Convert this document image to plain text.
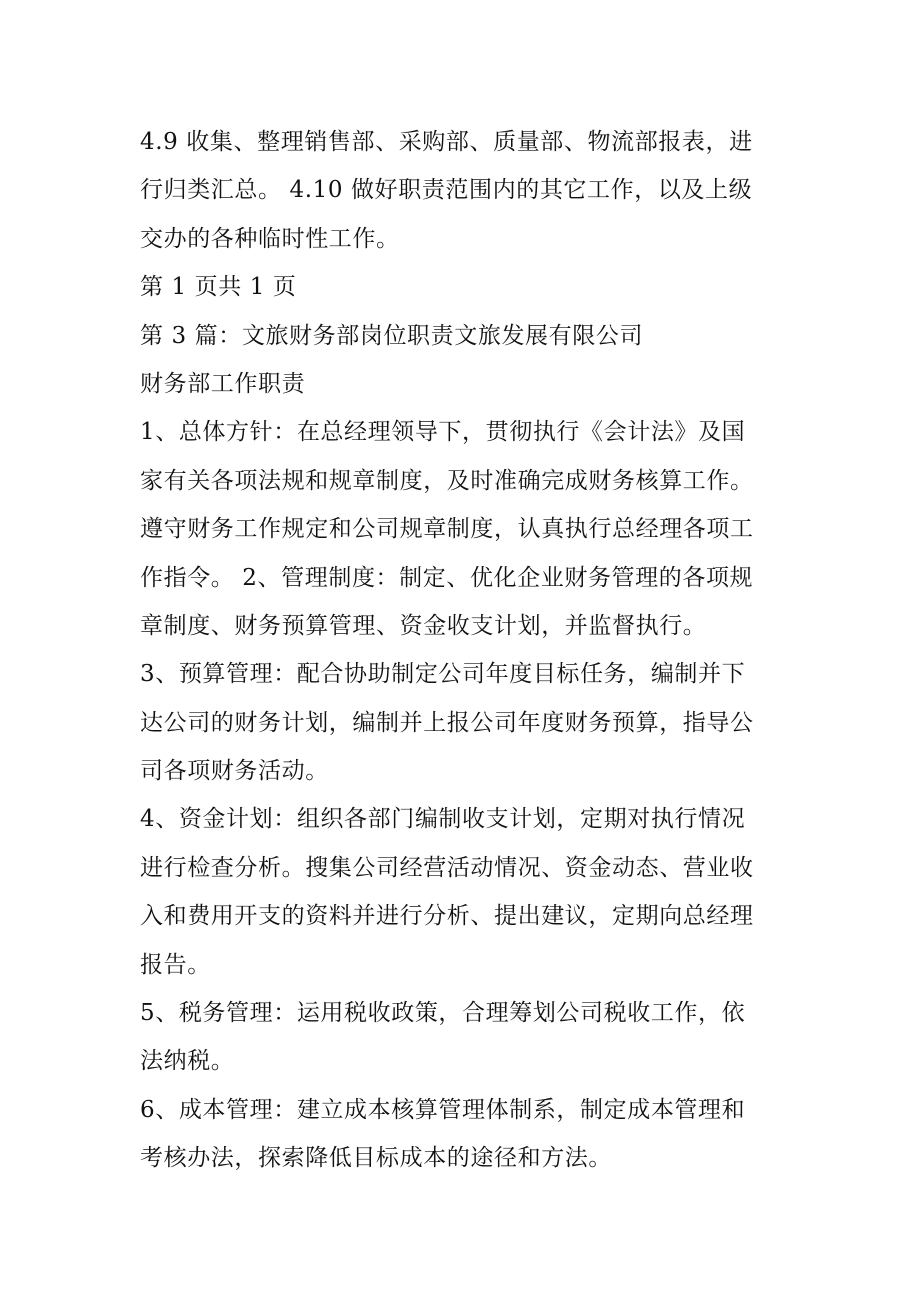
4.9 收集、整理销售部、采购部、质量部、物流部报表，进
行归类汇总。 4.10 做好职责范围内的其它工作，以及上级
交办的各种临时性工作。
第 1 页共 1 页
第 3 篇：文旅财务部岗位职责文旅发展有限公司
财务部工作职责
1、总体方针：在总经理领导下，贯彻执行《会计法》及国
家有关各项法规和规章制度，及时准确完成财务核算工作。
遵守财务工作规定和公司规章制度，认真执行总经理各项工
作指令。 2、管理制度：制定、优化企业财务管理的各项规
章制度、财务预算管理、资金收支计划，并监督执行。
3、预算管理：配合协助制定公司年度目标任务，编制并下
达公司的财务计划，编制并上报公司年度财务预算，指导公
司各项财务活动。
4、资金计划：组织各部门编制收支计划，定期对执行情况
进行检查分析。搜集公司经营活动情况、资金动态、营业收
入和费用开支的资料并进行分析、提出建议，定期向总经理
报告。
5、税务管理：运用税收政策，合理筹划公司税收工作，依
法纳税。
6、成本管理：建立成本核算管理体制系，制定成本管理和
考核办法，探索降低目标成本的途径和方法。
